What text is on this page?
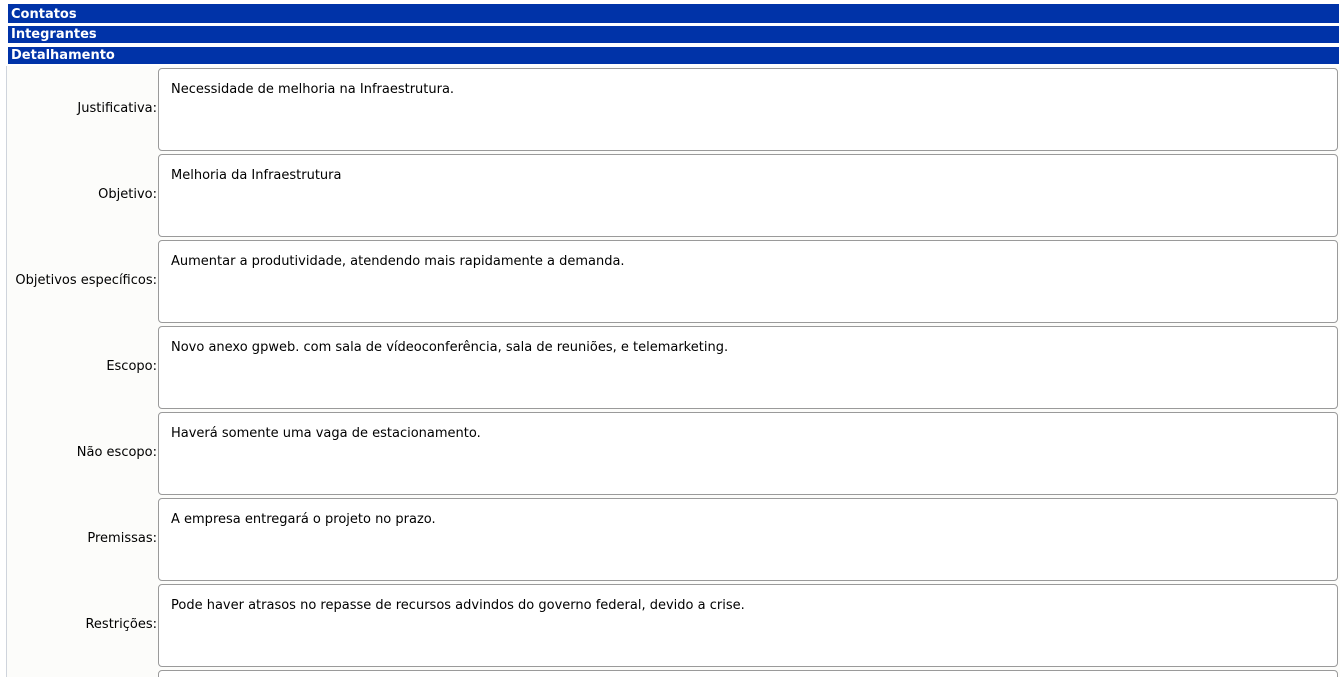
Contatos
Integrantes
Detalhamento
Justificativa:
Necessidade de melhoria na Infraestrutura.
Objetivo:
Melhoria da Infraestrutura
Objetivos específicos:
Aumentar a produtividade, atendendo mais rapidamente a demanda.
Escopo:
Novo anexo gpweb. com sala de vídeoconferência, sala de reuniões, e telemarketing.
Não escopo:
Haverá somente uma vaga de estacionamento.
Premissas:
A empresa entregará o projeto no prazo.
Restrições:
Pode haver atrasos no repasse de recursos advindos do governo federal, devido a crise.
